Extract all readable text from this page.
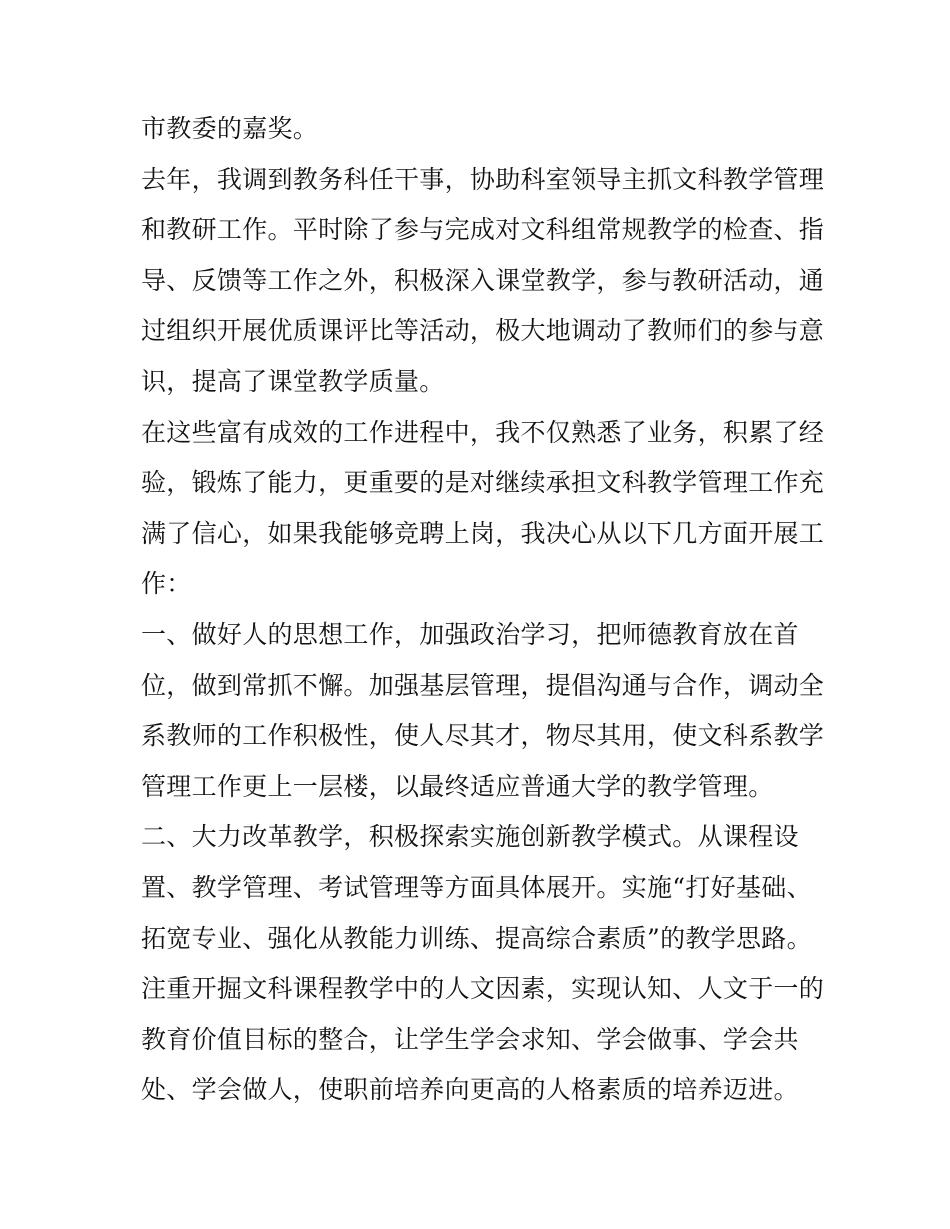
市教委的嘉奖。
去年，我调到教务科任干事，协助科室领导主抓文科教学管理
和教研工作。平时除了参与完成对文科组常规教学的检查、指
导、反馈等工作之外，积极深入课堂教学，参与教研活动，通
过组织开展优质课评比等活动，极大地调动了教师们的参与意
识，提高了课堂教学质量。
在这些富有成效的工作进程中，我不仅熟悉了业务，积累了经
验，锻炼了能力，更重要的是对继续承担文科教学管理工作充
满了信心，如果我能够竞聘上岗，我决心从以下几方面开展工
作：
一、做好人的思想工作，加强政治学习，把师德教育放在首
位，做到常抓不懈。加强基层管理，提倡沟通与合作，调动全
系教师的工作积极性，使人尽其才，物尽其用，使文科系教学
管理工作更上一层楼，以最终适应普通大学的教学管理。
二、大力改革教学，积极探索实施创新教学模式。从课程设
置、教学管理、考试管理等方面具体展开。实施“打好基础、
拓宽专业、强化从教能力训练、提高综合素质”的教学思路。
注重开掘文科课程教学中的人文因素，实现认知、人文于一的
教育价值目标的整合，让学生学会求知、学会做事、学会共
处、学会做人，使职前培养向更高的人格素质的培养迈进。
